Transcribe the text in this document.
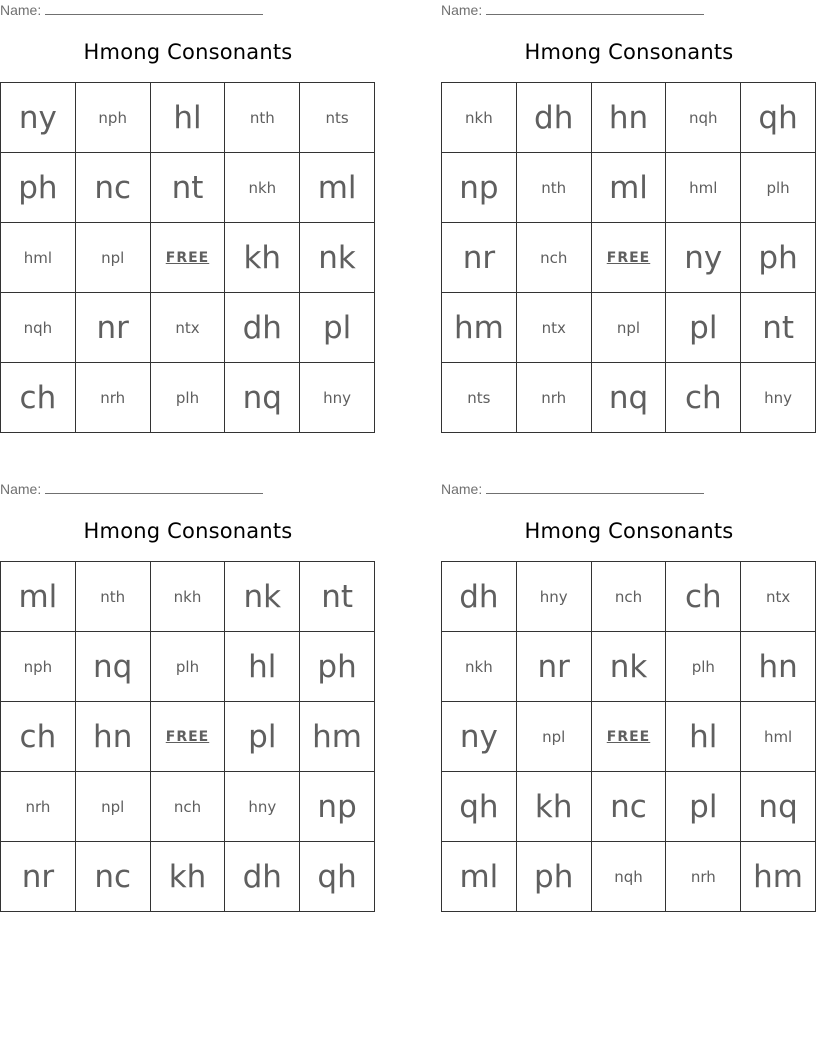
Name:
Hmong Consonants
ny	nph	hl	nth	nts
ph	nc	nt	nkh	ml
hml	npl	FREE	kh	nk
nqh	nr	ntx	dh	pl
ch	nrh	plh	nq	hny
Name:
Hmong Consonants
nkh	dh	hn	nqh	qh
np	nth	ml	hml	plh
nr	nch	FREE	ny	ph
hm	ntx	npl	pl	nt
nts	nrh	nq	ch	hny
Name:
Hmong Consonants
ml	nth	nkh	nk	nt
nph	nq	plh	hl	ph
ch	hn	FREE	pl	hm
nrh	npl	nch	hny	np
nr	nc	kh	dh	qh
Name:
Hmong Consonants
dh	hny	nch	ch	ntx
nkh	nr	nk	plh	hn
ny	npl	FREE	hl	hml
qh	kh	nc	pl	nq
ml	ph	nqh	nrh	hm
